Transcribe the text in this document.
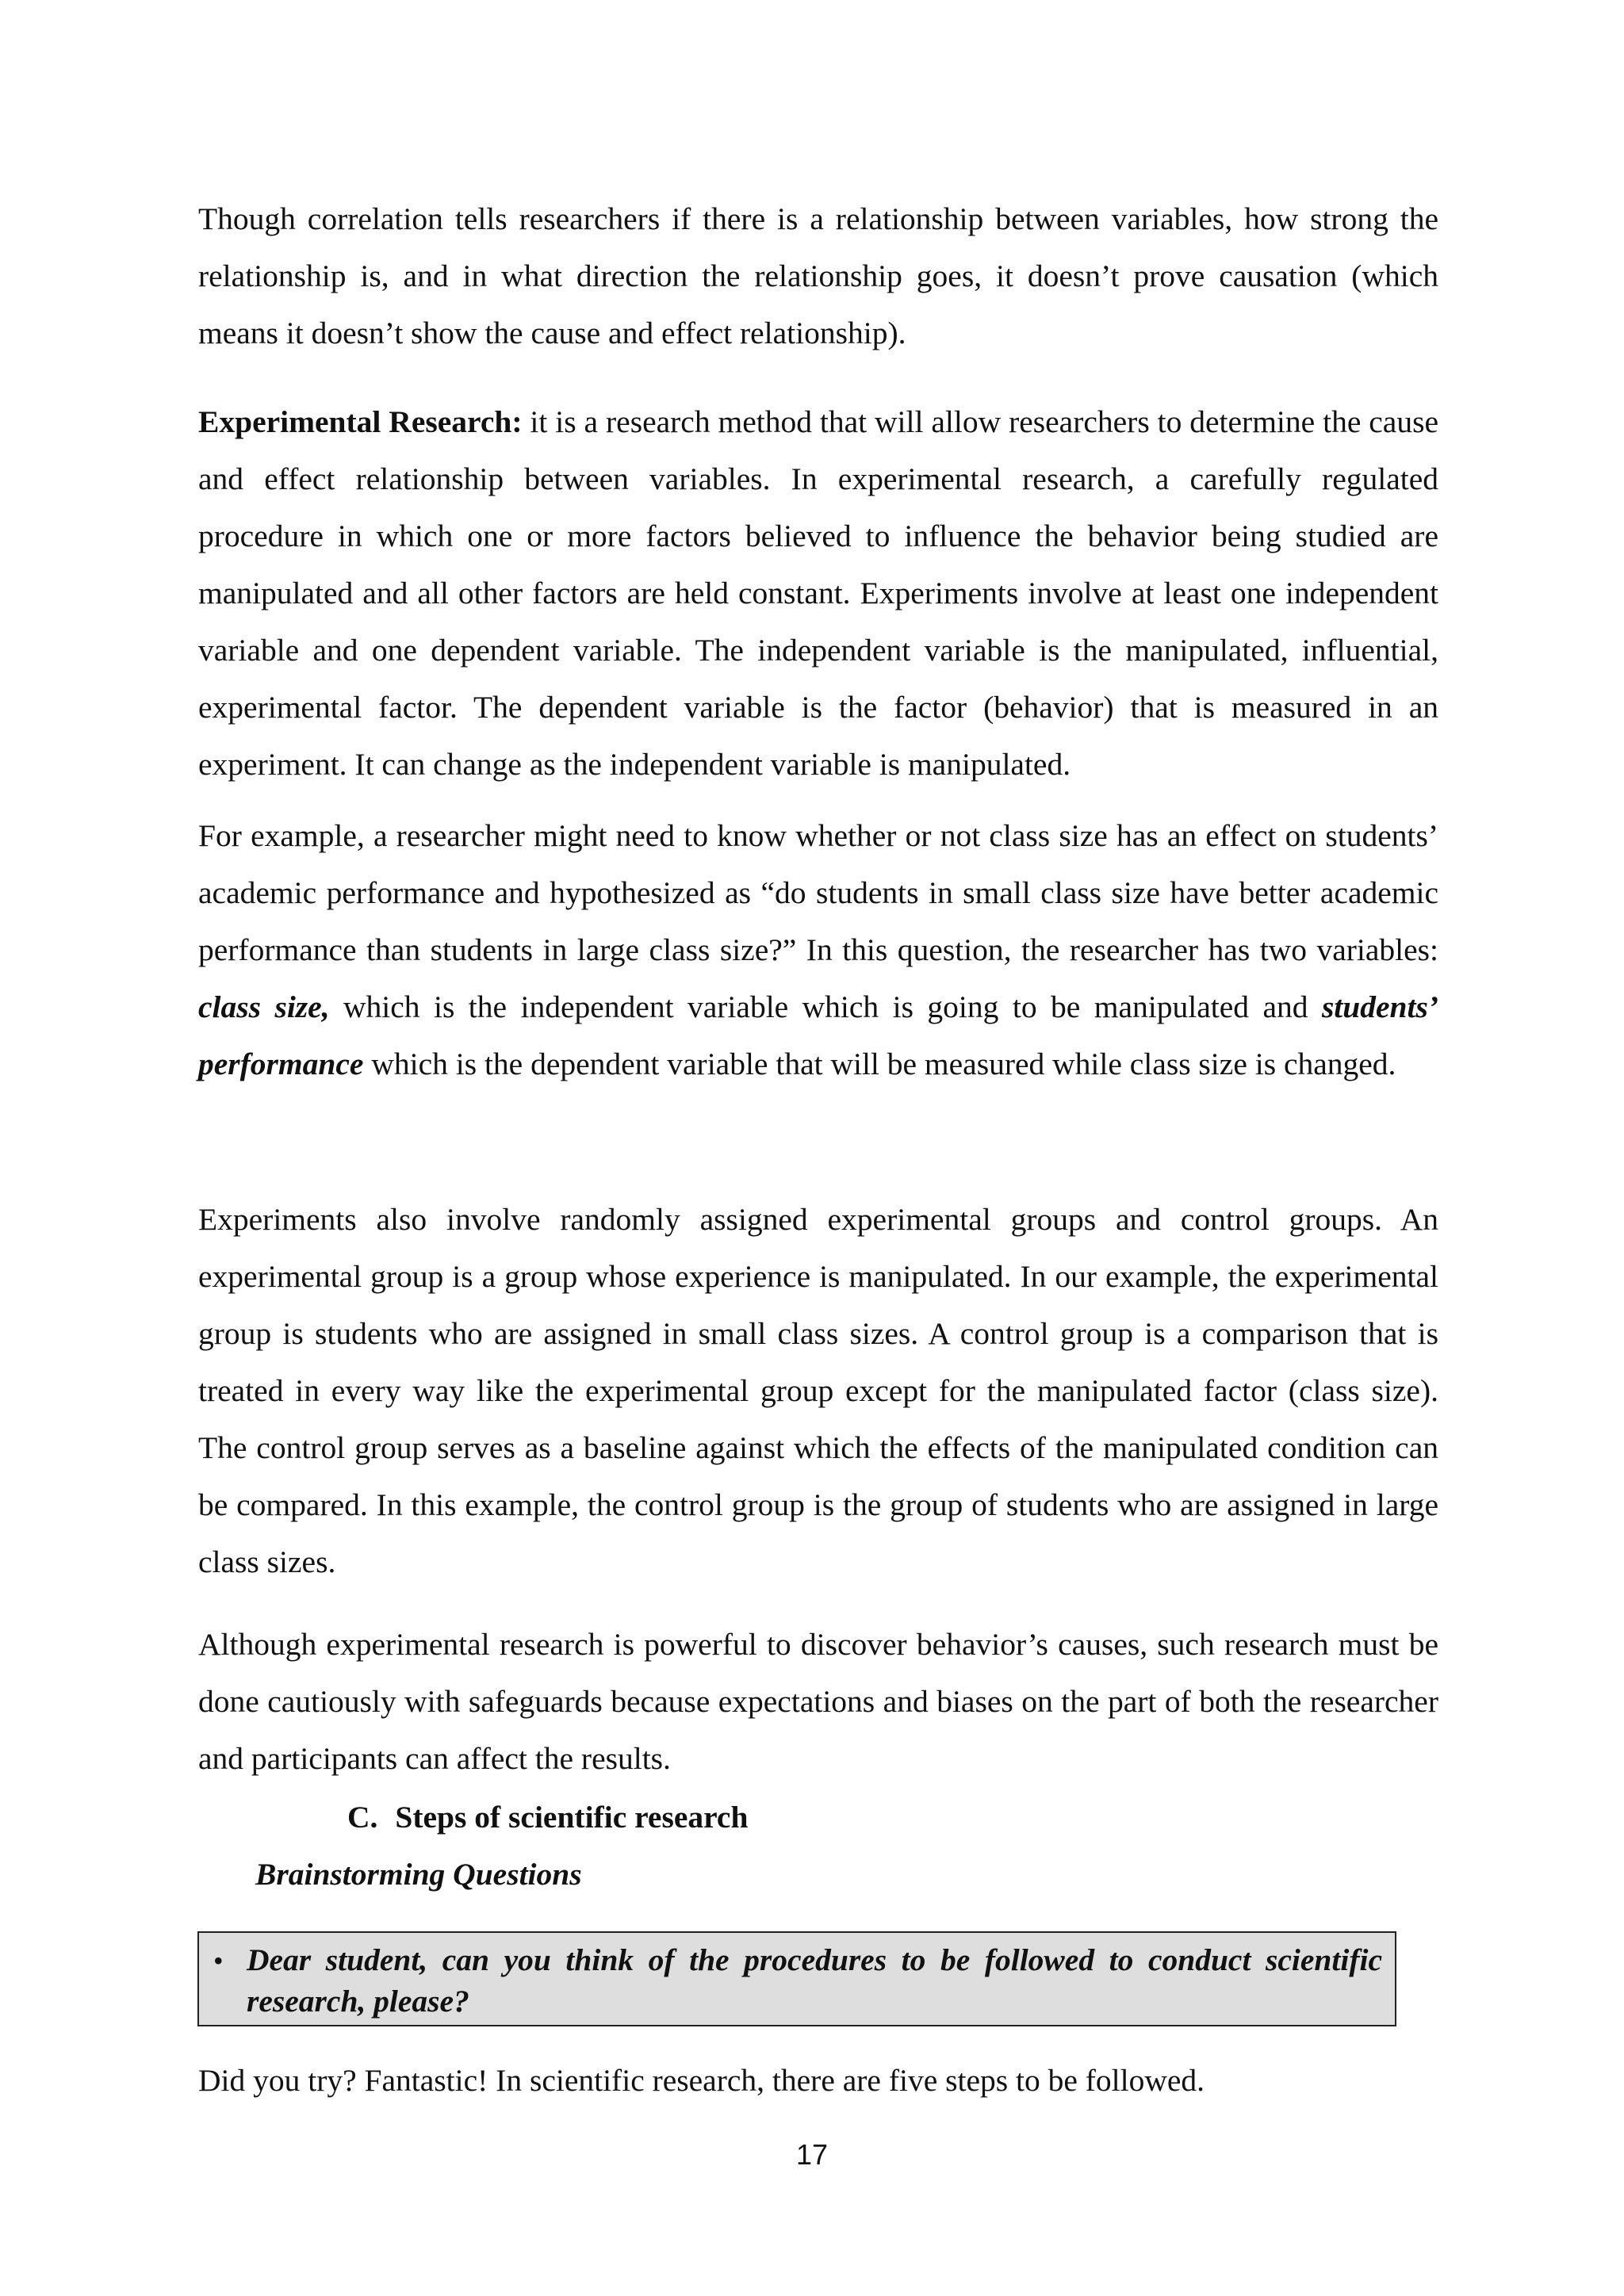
Though correlation tells researchers if there is a relationship between variables, how strong the relationship is, and in what direction the relationship goes, it doesn’t prove causation (which means it doesn’t show the cause and effect relationship).

Experimental Research: it is a research method that will allow researchers to determine the cause and effect relationship between variables. In experimental research, a carefully regulated procedure in which one or more factors believed to influence the behavior being studied are manipulated and all other factors are held constant. Experiments involve at least one independent variable and one dependent variable. The independent variable is the manipulated, influential, experimental factor. The dependent variable is the factor (behavior) that is measured in an experiment. It can change as the independent variable is manipulated.

For example, a researcher might need to know whether or not class size has an effect on students’ academic performance and hypothesized as “do students in small class size have better academic performance than students in large class size?” In this question, the researcher has two variables: class size, which is the independent variable which is going to be manipulated and students’ performance which is the dependent variable that will be measured while class size is changed.

Experiments also involve randomly assigned experimental groups and control groups. An experimental group is a group whose experience is manipulated. In our example, the experimental group is students who are assigned in small class sizes. A control group is a comparison that is treated in every way like the experimental group except for the manipulated factor (class size). The control group serves as a baseline against which the effects of the manipulated condition can be compared. In this example, the control group is the group of students who are assigned in large class sizes.

Although experimental research is powerful to discover behavior’s causes, such research must be done cautiously with safeguards because expectations and biases on the part of both the researcher and participants can affect the results.

C. Steps of scientific research

Brainstorming Questions

• Dear student, can you think of the procedures to be followed to conduct scientific research, please?

Did you try? Fantastic! In scientific research, there are five steps to be followed.

17
